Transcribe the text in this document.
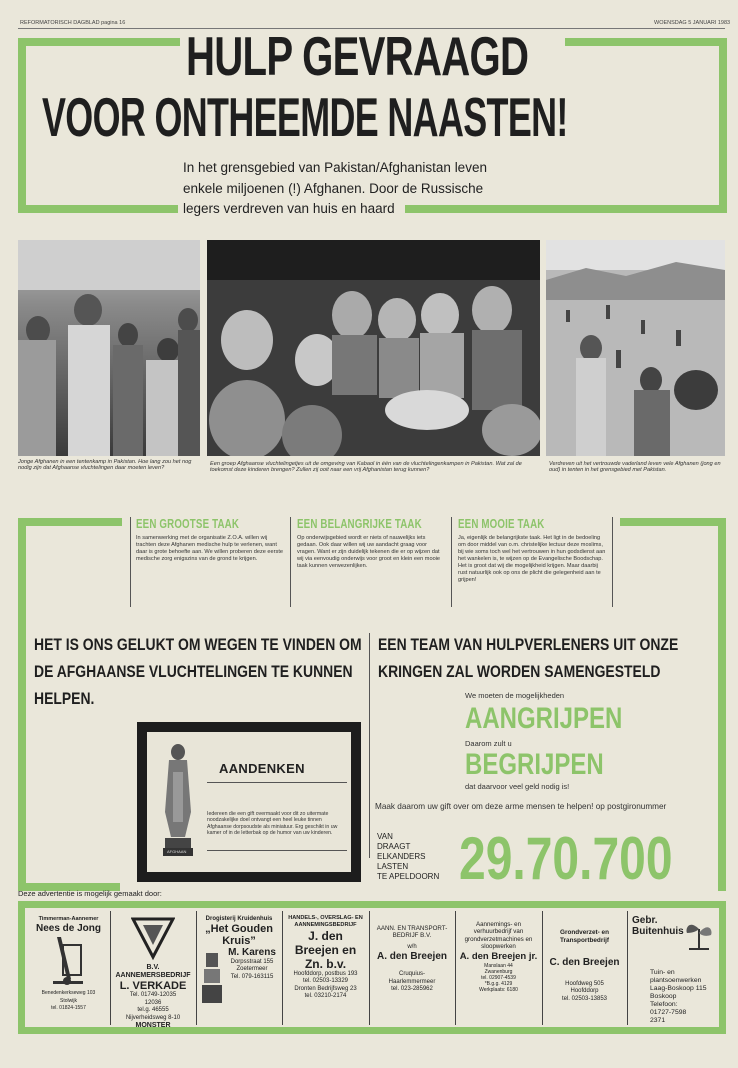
REFORMATORISCH DAGBLAD pagina 16	WOENSDAG 5 JANUARI 1983
HULP GEVRAAGD
VOOR ONTHEEMDE NAASTEN!
In het grensgebied van Pakistan/Afghanistan leven
enkele miljoenen (!) Afghanen. Door de Russische
legers verdreven van huis en haard
Jonge Afghanen in een tentenkamp in Pakistan. Hoe lang zou het nog nodig zijn dat Afghaanse vluchtelingen daar moeten leven?
Een groep Afghaanse vluchtelingetjes uit de omgeving van Kabaol in één van de vluchtelingenkampen in Pakistan. Wat zal de toekomst deze kinderen brengen? Zullen zij ooit naar een vrij Afghanistan terug kunnen?
Verdreven uit het vertrouwde vaderland leven vele Afghanen (jong en oud) in tenten in het grensgebied met Pakistan.
EEN GROOTSE TAAK
In samenwerking met de organisatie Z.O.A. willen wij trachten deze Afghanen medische hulp te verlenen, want daar is grote behoefte aan. We willen proberen deze eerste medische zorg enigszins van de grond te krijgen.
EEN BELANGRIJKE TAAK
Op onderwijsgebied wordt er niets of nauwelijks iets gedaan. Ook daar willen wij uw aandacht graag voor vragen. Want er zijn duidelijk tekenen die er op wijzen dat wij via eenvoudig onderwijs voor groot en klein een mooie taak kunnen verwezenlijken.
EEN MOOIE TAAK
Ja, eigenlijk de belangrijkste taak. Het ligt in de bedoeling om door middel van o.m. christelijke lectuur deze moslims, bij wie soms toch wel het vertrouwen in hun godsdienst aan het wankelen is, te wijzen op de Evangelische Boodschap. Het is groot dat wij die mogelijkheid krijgen. Maar daarbij rust natuurlijk ook op ons de plicht die gelegenheid aan te grijpen!
HET IS ONS GELUKT OM WEGEN TE VINDEN OM
DE AFGHAANSE VLUCHTELINGEN TE KUNNEN
HELPEN.
EEN TEAM VAN HULPVERLENERS UIT ONZE
KRINGEN ZAL WORDEN SAMENGESTELD
We moeten de mogelijkheden
AANGRIJPEN
Daarom zult u
BEGRIJPEN
dat daarvoor veel geld nodig is!
Maak daarom uw gift over om deze arme mensen te helpen! op postgironummer
AANDENKEN
Iedereen die een gift overmaakt voor dit zo uitermate noodzakelijke doel ontvangt een heel leuke tinnen Afghaanse dorpsoudste als miniatuur. Erg geschikt in uw kamer of in de letterbak op de humor van uw kinderen.
AFGHAAN
VAN
DRAAGT
ELKANDERS
LASTEN
TE APELDOORN 29.70.700
Deze advertentie is mogelijk gemaakt door:
Timmerman-Aannemer
Nees de Jong
Benedenkerkseweg 103
Stolwijk
tel. 01824-1557
B.V. AANNEMERSBEDRIJF
L. VERKADE
Tel. 01749-12035
12036
tel.g. 46555
Nijverheidsweg 8-10
MONSTER
Drogisterij Kruidenhuis
„Het Gouden Kruis”
M. Karens
Dorpsstraat 155
Zoetermeer
Tel. 079-163115
HANDELS-, OVERSLAG- EN AANNEMINGSBEDRIJF
J. den Breejen en Zn. b.v.
Hoofddorp, postbus 193
tel. 02503-13329
Dronten Bedrijfsweg 23
tel. 03210-2174
AANN. EN TRANSPORT- BEDRIJF B.V.
w/h
A. den Breejen
Cruquius-
Haarlemmermeer
tel. 023-285962
Aannemings- en verhuurbedrijf van grondverzetmachines en sloopwerken
A. den Breejen jr.
Manslaan 44
Zwanenburg
tel. 02907-4539
*B.g.g. 4129
Werkplaats: 6180
Grondverzet- en Transportbedrijf
C. den Breejen
Hoofdweg 505
Hoofddorp
tel. 02503-13853
Gebr.
Buitenhuis
Tuin- en plantsoenwerken
Laag-Boskoop 115
Boskoop
Telefoon:
01727-7598
2371
